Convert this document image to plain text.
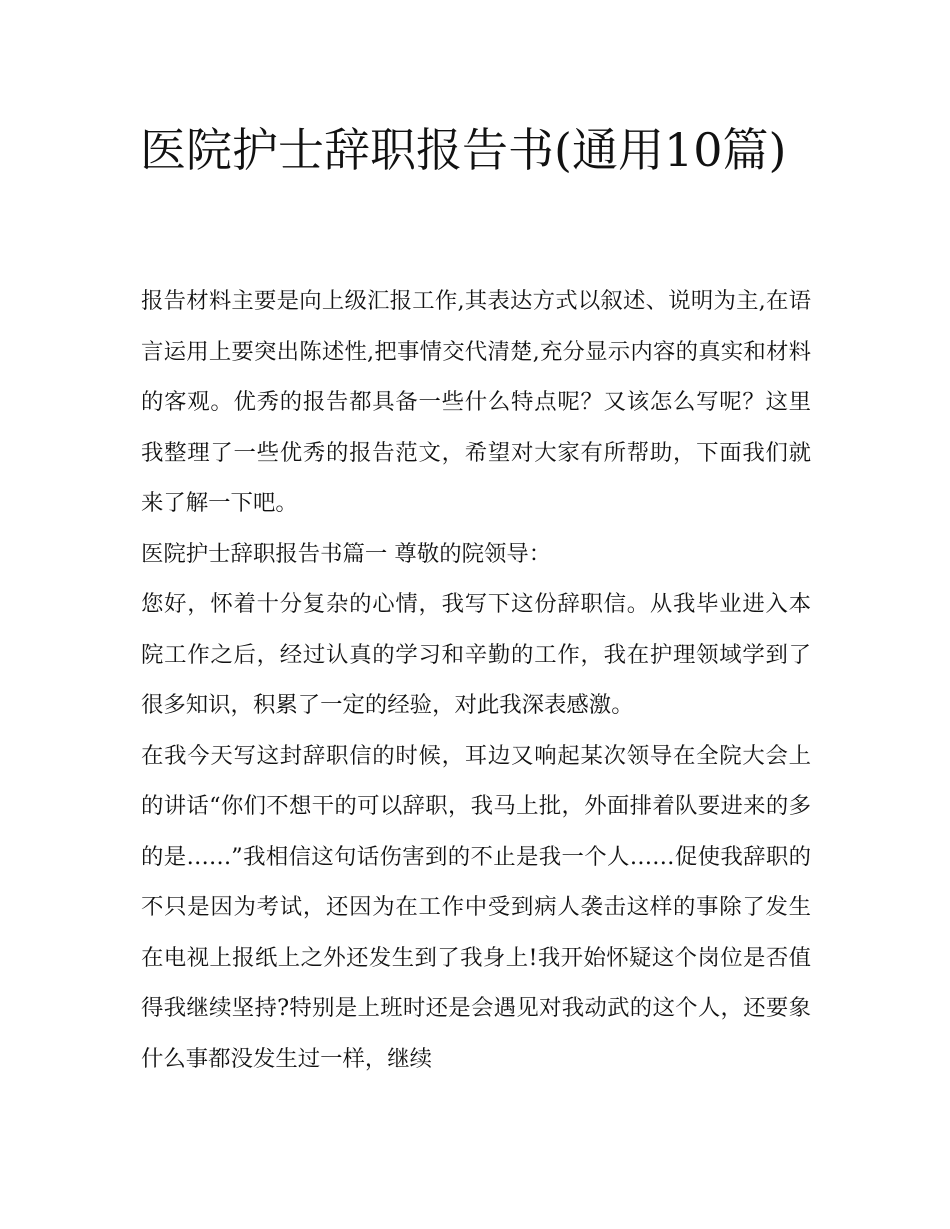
医院护士辞职报告书(通用10篇)

报告材料主要是向上级汇报工作,其表达方式以叙述、说明为主,在语言运用上要突出陈述性,把事情交代清楚,充分显示内容的真实和材料的客观。优秀的报告都具备一些什么特点呢？又该怎么写呢？这里我整理了一些优秀的报告范文，希望对大家有所帮助，下面我们就来了解一下吧。

医院护士辞职报告书篇一 尊敬的院领导：

您好，怀着十分复杂的心情，我写下这份辞职信。从我毕业进入本院工作之后，经过认真的学习和辛勤的工作，我在护理领域学到了很多知识，积累了一定的经验，对此我深表感激。

在我今天写这封辞职信的时候，耳边又响起某次领导在全院大会上的讲话“你们不想干的可以辞职，我马上批，外面排着队要进来的多的是……”我相信这句话伤害到的不止是我一个人……促使我辞职的不只是因为考试，还因为在工作中受到病人袭击这样的事除了发生在电视上报纸上之外还发生到了我身上!我开始怀疑这个岗位是否值得我继续坚持?特别是上班时还是会遇见对我动武的这个人，还要象什么事都没发生过一样，继续
